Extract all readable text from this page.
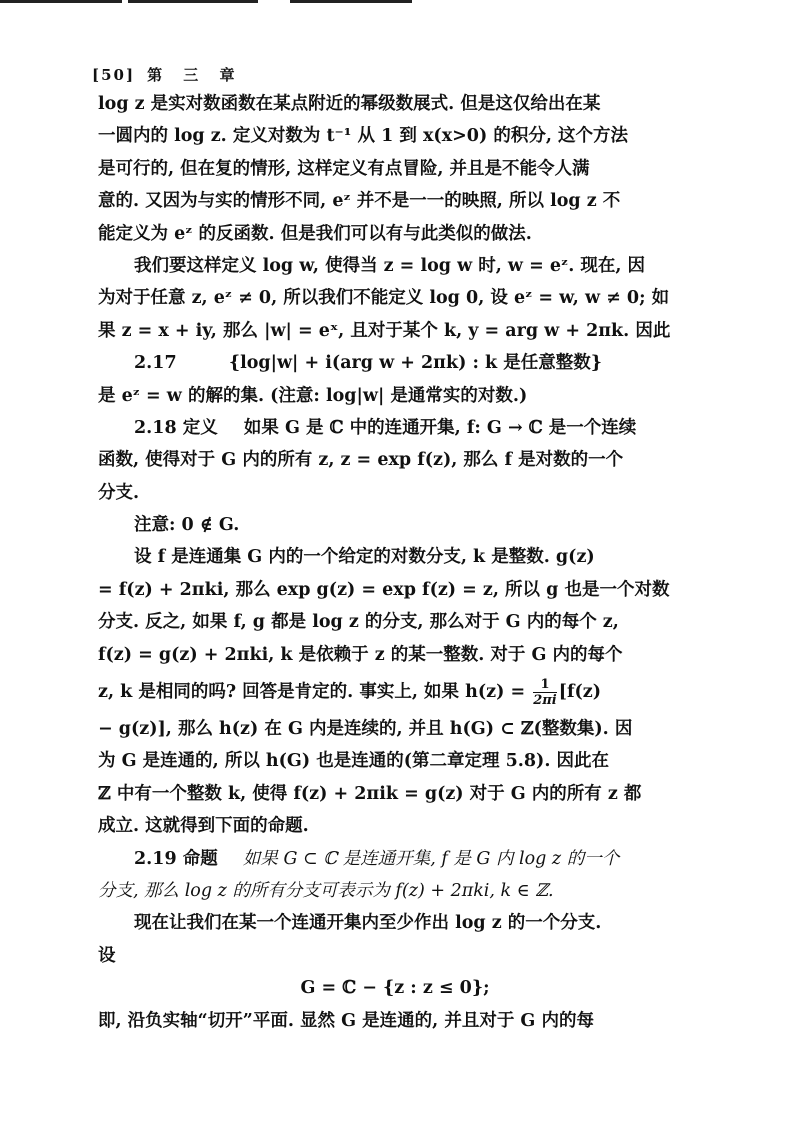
[50] 第 三 章
log z 是实对数函数在某点附近的幂级数展式. 但是这仅给出在某
一圆内的 log z. 定义对数为 t⁻¹ 从 1 到 x(x>0) 的积分, 这个方法
是可行的, 但在复的情形, 这样定义有点冒险, 并且是不能令人满
意的. 又因为与实的情形不同, eᶻ 并不是一一的映照, 所以 log z 不
能定义为 eᶻ 的反函数. 但是我们可以有与此类似的做法.
我们要这样定义 log w, 使得当 z = log w 时, w = eᶻ. 现在, 因
为对于任意 z, eᶻ ≠ 0, 所以我们不能定义 log 0, 设 eᶻ = w, w ≠ 0; 如
果 z = x + iy, 那么 |w| = eˣ, 且对于某个 k, y = arg w + 2πk. 因此
2.17	{log|w| + i(arg w + 2πk) : k 是任意整数}
是 eᶻ = w 的解的集. (注意: log|w| 是通常实的对数.)
2.18 定义 如果 G 是 ℂ 中的连通开集, f: G → ℂ 是一个连续
函数, 使得对于 G 内的所有 z, z = exp f(z), 那么 f 是对数的一个
分支.
注意: 0 ∉ G.
设 f 是连通集 G 内的一个给定的对数分支, k 是整数. g(z)
= f(z) + 2πki, 那么 exp g(z) = exp f(z) = z, 所以 g 也是一个对数
分支. 反之, 如果 f, g 都是 log z 的分支, 那么对于 G 内的每个 z,
f(z) = g(z) + 2πki, k 是依赖于 z 的某一整数. 对于 G 内的每个
z, k 是相同的吗? 回答是肯定的. 事实上, 如果 $h(z) = \frac{1}{2\pi i} [f(z)$
− g(z)], 那么 h(z) 在 G 内是连续的, 并且 h(G) ⊂ ℤ(整数集). 因
为 G 是连通的, 所以 h(G) 也是连通的(第二章定理 5.8). 因此在
ℤ 中有一个整数 k, 使得 f(z) + 2πik = g(z) 对于 G 内的所有 z 都
成立. 这就得到下面的命题.
2.19 命题 如果 G ⊂ ℂ 是连通开集, f 是 G 内 log z 的一个
分支, 那么 log z 的所有分支可表示为 f(z) + 2πki, k ∈ ℤ.
现在让我们在某一个连通开集内至少作出 log z 的一个分支.
设
G = ℂ − {z : z ≤ 0};
即, 沿负实轴“切开”平面. 显然 G 是连通的, 并且对于 G 内的每
